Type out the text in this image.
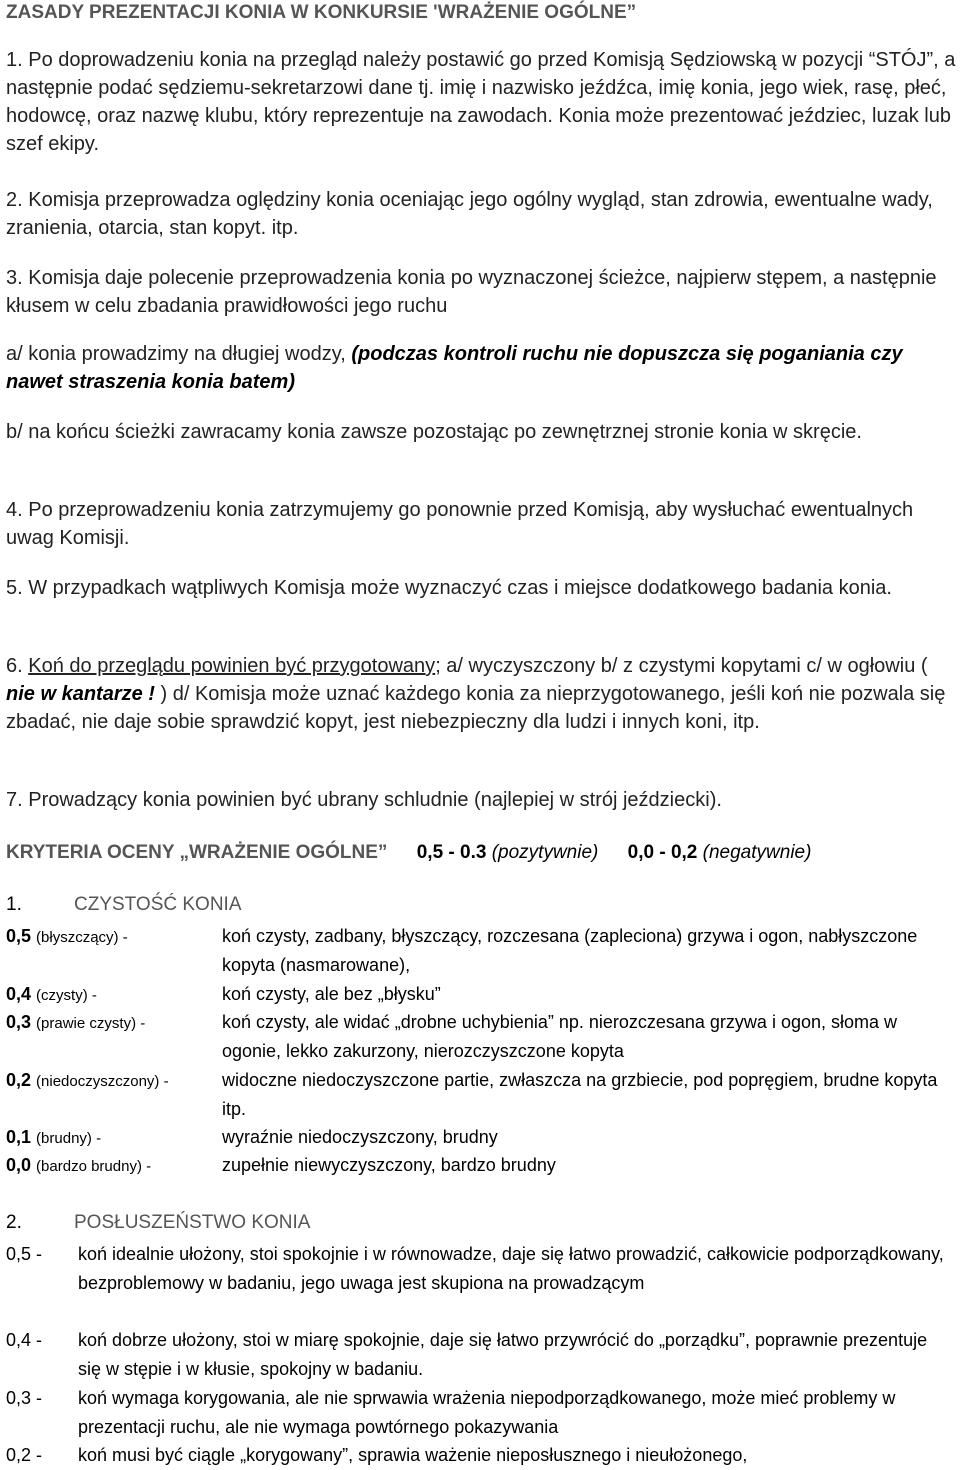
ZASADY PREZENTACJI KONIA W KONKURSIE 'WRAŻENIE OGÓLNE”
1. Po doprowadzeniu konia na przegląd należy postawić go przed Komisją Sędziowską w pozycji “STÓJ”, a następnie podać sędziemu-sekretarzowi dane tj. imię i nazwisko jeźdźca, imię konia, jego wiek, rasę, płeć, hodowcę, oraz nazwę klubu, który reprezentuje na zawodach. Konia może prezentować jeździec, luzak lub szef ekipy.
2. Komisja przeprowadza oględziny konia oceniając jego ogólny wygląd, stan zdrowia, ewentualne wady, zranienia, otarcia, stan kopyt. itp.
3. Komisja daje polecenie przeprowadzenia konia po wyznaczonej ścieżce, najpierw stępem, a następnie kłusem w celu zbadania prawidłowości jego ruchu
a/ konia prowadzimy na długiej wodzy, (podczas kontroli ruchu nie dopuszcza się poganiania czy nawet straszenia konia batem)
b/ na końcu ścieżki zawracamy konia zawsze pozostając po zewnętrznej stronie konia w skręcie.
4. Po przeprowadzeniu konia zatrzymujemy go ponownie przed Komisją, aby wysłuchać ewentualnych uwag Komisji.
5. W przypadkach wątpliwych Komisja może wyznaczyć czas i miejsce dodatkowego badania konia.
6. Koń do przeglądu powinien być przygotowany; a/ wyczyszczony b/ z czystymi kopytami c/ w ogłowiu ( nie w kantarze ! ) d/ Komisja może uznać każdego konia za nieprzygotowanego, jeśli koń nie pozwala się zbadać, nie daje sobie sprawdzić kopyt, jest niebezpieczny dla ludzi i innych koni, itp.
7. Prowadzący konia powinien być ubrany schludnie (najlepiej w strój jeździecki).
KRYTERIA OCENY „WRAŻENIE OGÓLNE” 0,5 - 0.3 (pozytywnie) 0,0 - 0,2 (negatywnie)
1.	CZYSTOŚĆ KONIA
0,5 (błyszczący) -	koń czysty, zadbany, błyszczący, rozczesana (zapleciona) grzywa i ogon, nabłyszczone kopyta (nasmarowane),
0,4 (czysty) -	koń czysty, ale bez „błysku”
0,3 (prawie czysty) -	koń czysty, ale widać „drobne uchybienia” np. nierozczesana grzywa i ogon, słoma w ogonie, lekko zakurzony, nierozczyszczone kopyta
0,2 (niedoczyszczony) -	widoczne niedoczyszczone partie, zwłaszcza na grzbiecie, pod popręgiem, brudne kopyta itp.
0,1 (brudny) -	wyraźnie niedoczyszczony, brudny
0,0 (bardzo brudny) -	zupełnie niewyczyszczony, bardzo brudny
2.	POSŁUSZEŃSTWO KONIA
0,5 - koń idealnie ułożony, stoi spokojnie i w równowadze, daje się łatwo prowadzić, całkowicie podporządkowany, bezproblemowy w badaniu, jego uwaga jest skupiona na prowadzącym
0,4 - koń dobrze ułożony, stoi w miarę spokojnie, daje się łatwo przywrócić do „porządku”, poprawnie prezentuje się w stępie i w kłusie, spokojny w badaniu.
0,3 - koń wymaga korygowania, ale nie sprwawia wrażenia niepodporządkowanego, może mieć problemy w prezentacji ruchu, ale nie wymaga powtórnego pokazywania
0,2 - koń musi być ciągle „korygowany”, sprawia ważenie nieposłusznego i nieułożonego,
